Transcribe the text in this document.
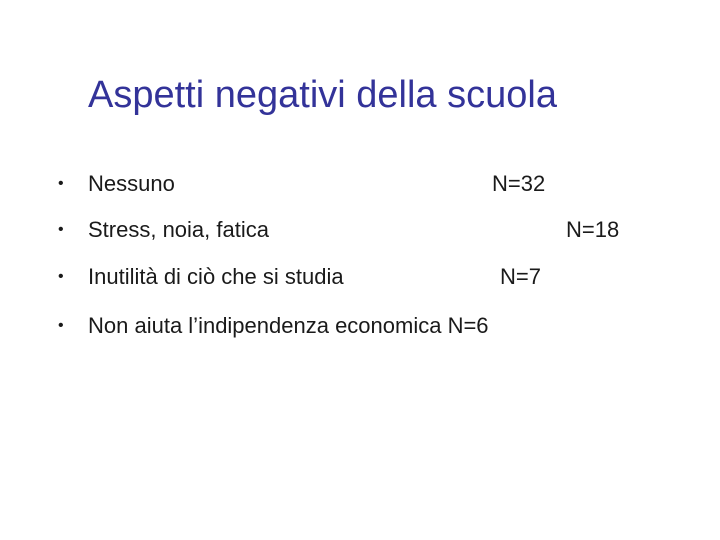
Aspetti negativi della scuola
• Nessuno	N=32
• Stress, noia, fatica	N=18
• Inutilità di ciò che si studia	N=7
• Non aiuta l’indipendenza economica N=6
